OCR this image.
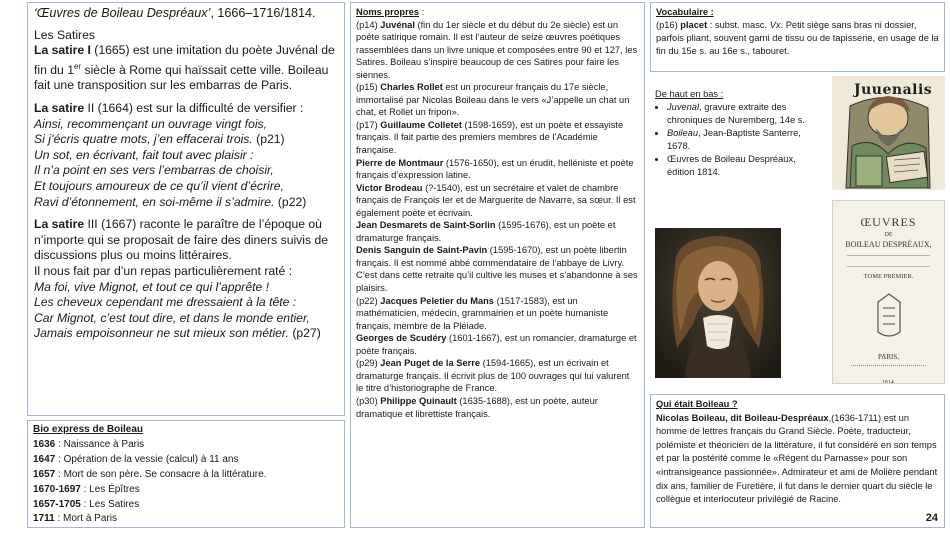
‘Œuvres de Boileau Despréaux’, 1666–1716/1814.
Les Satires
La satire I (1665) est une imitation du poète Juvénal de fin du 1er siècle à Rome qui haïssait cette ville. Boileau fait une transposition sur les embarras de Paris.
La satire II (1664) est sur la difficulté de versifier :
Ainsi, recommençant un ouvrage vingt fois,
Si j’écris quatre mots, j’en effacerai trois. (p21)
Un sot, en écrivant, fait tout avec plaisir :
Il n’a point en ses vers l’embarras de choisir,
Et toujours amoureux de ce qu’il vient d’écrire,
Ravi d’étonnement, en soi-même il s’admire. (p22)
La satire III (1667) raconte le paraître de l’époque où n’importe qui se proposait de faire des diners suivis de discussions plus ou moins littéraires.
Il nous fait par d’un repas particulièrement raté :
Ma foi, vive Mignot, et tout ce qui l’apprête !
Les cheveux cependant me dressaient à la tête :
Car Mignot, c’est tout dire, et dans le monde entier,
Jamais empoisonneur ne sut mieux son métier. (p27)
Bio express de Boileau
1636 : Naissance à Paris
1647 : Opération de la vessie (calcul) à 11 ans
1657 : Mort de son père. Se consacre à la littérature.
1670-1697 : Les Épîtres
1657-1705 : Les Satires
1711 : Mort à Paris
Noms propres :
(p14) Juvénal (fin du 1er siècle et du début du 2e siècle) est un poète satirique romain. Il est l’auteur de seize œuvres poétiques rassemblées dans un livre unique et composées entre 90 et 127, les Satires. Boileau s’inspire beaucoup de ces Satires pour faire les siennes.
(p15) Charles Rollet est un procureur français du 17e siècle, immortalisé par Nicolas Boileau dans le vers «J’appelle un chat un chat, et Rollet un fripon».
(p17) Guillaume Colletet (1598-1659), est un poète et essayiste français. Il fait partie des premiers membres de l’Académie française.
Pierre de Montmaur (1576-1650), est un érudit, helléniste et poète français d’expression latine.
Victor Brodeau (?-1540), est un secrétaire et valet de chambre français de François Ier et de Marguerite de Navarre, sa sœur. Il est également poète et écrivain.
Jean Desmarets de Saint-Sorlin (1595-1676), est un poète et dramaturge français.
Denis Sanguin de Saint-Pavin (1595-1670), est un poète libertin français. Il est nommé abbé commendataire de l’abbaye de Livry. C’est dans cette retraite qu’il cultive les muses et s’abandonne à ses plaisirs.
(p22) Jacques Peletier du Mans (1517-1583), est un mathématicien, médecin, grammairien et un poète humaniste français, membre de la Pléiade.
Georges de Scudéry (1601-1667), est un romancier, dramaturge et poète français.
(p29) Jean Puget de la Serre (1594-1665), est un écrivain et dramaturge français. Il écrivit plus de 100 ouvrages qui lui valurent le titre d’historiographe de France.
(p30) Philippe Quinault (1635-1688), est un poète, auteur dramatique et librettiste français.
Vocabulaire :
(p16) placet : subst. masc. Vx. Petit siège sans bras ni dossier, parfois pliant, souvent garni de tissu ou de tapisserie, en usage de la fin du 15e s. au 16e s., tabouret.
De haut en bas :
• Juvenal, gravure extraite des chroniques de Nuremberg, 14e s.
• Boileau, Jean-Baptiste Santerre, 1678.
• Œuvres de Boileau Despréaux, édition 1814.
Juuenalis
ŒUVRES
DE
BOILEAU DESPRÉAUX,
TOME PREMIER.
PARIS,
1814.
Qui était Boileau ?
Nicolas Boileau, dit Boileau-Despréaux,(1636-1711) est un homme de lettres français du Grand Siècle. Poète, traducteur, polémiste et théoricien de la littérature, il fut considéré en son temps et par la postérité comme le «Régent du Parnasse» pour son «intransigeance passionnée». Admirateur et ami de Molière pendant dix ans, familier de Furetière, il fut dans le dernier quart du siècle le collègue et interlocuteur privilégié de Racine.
24
